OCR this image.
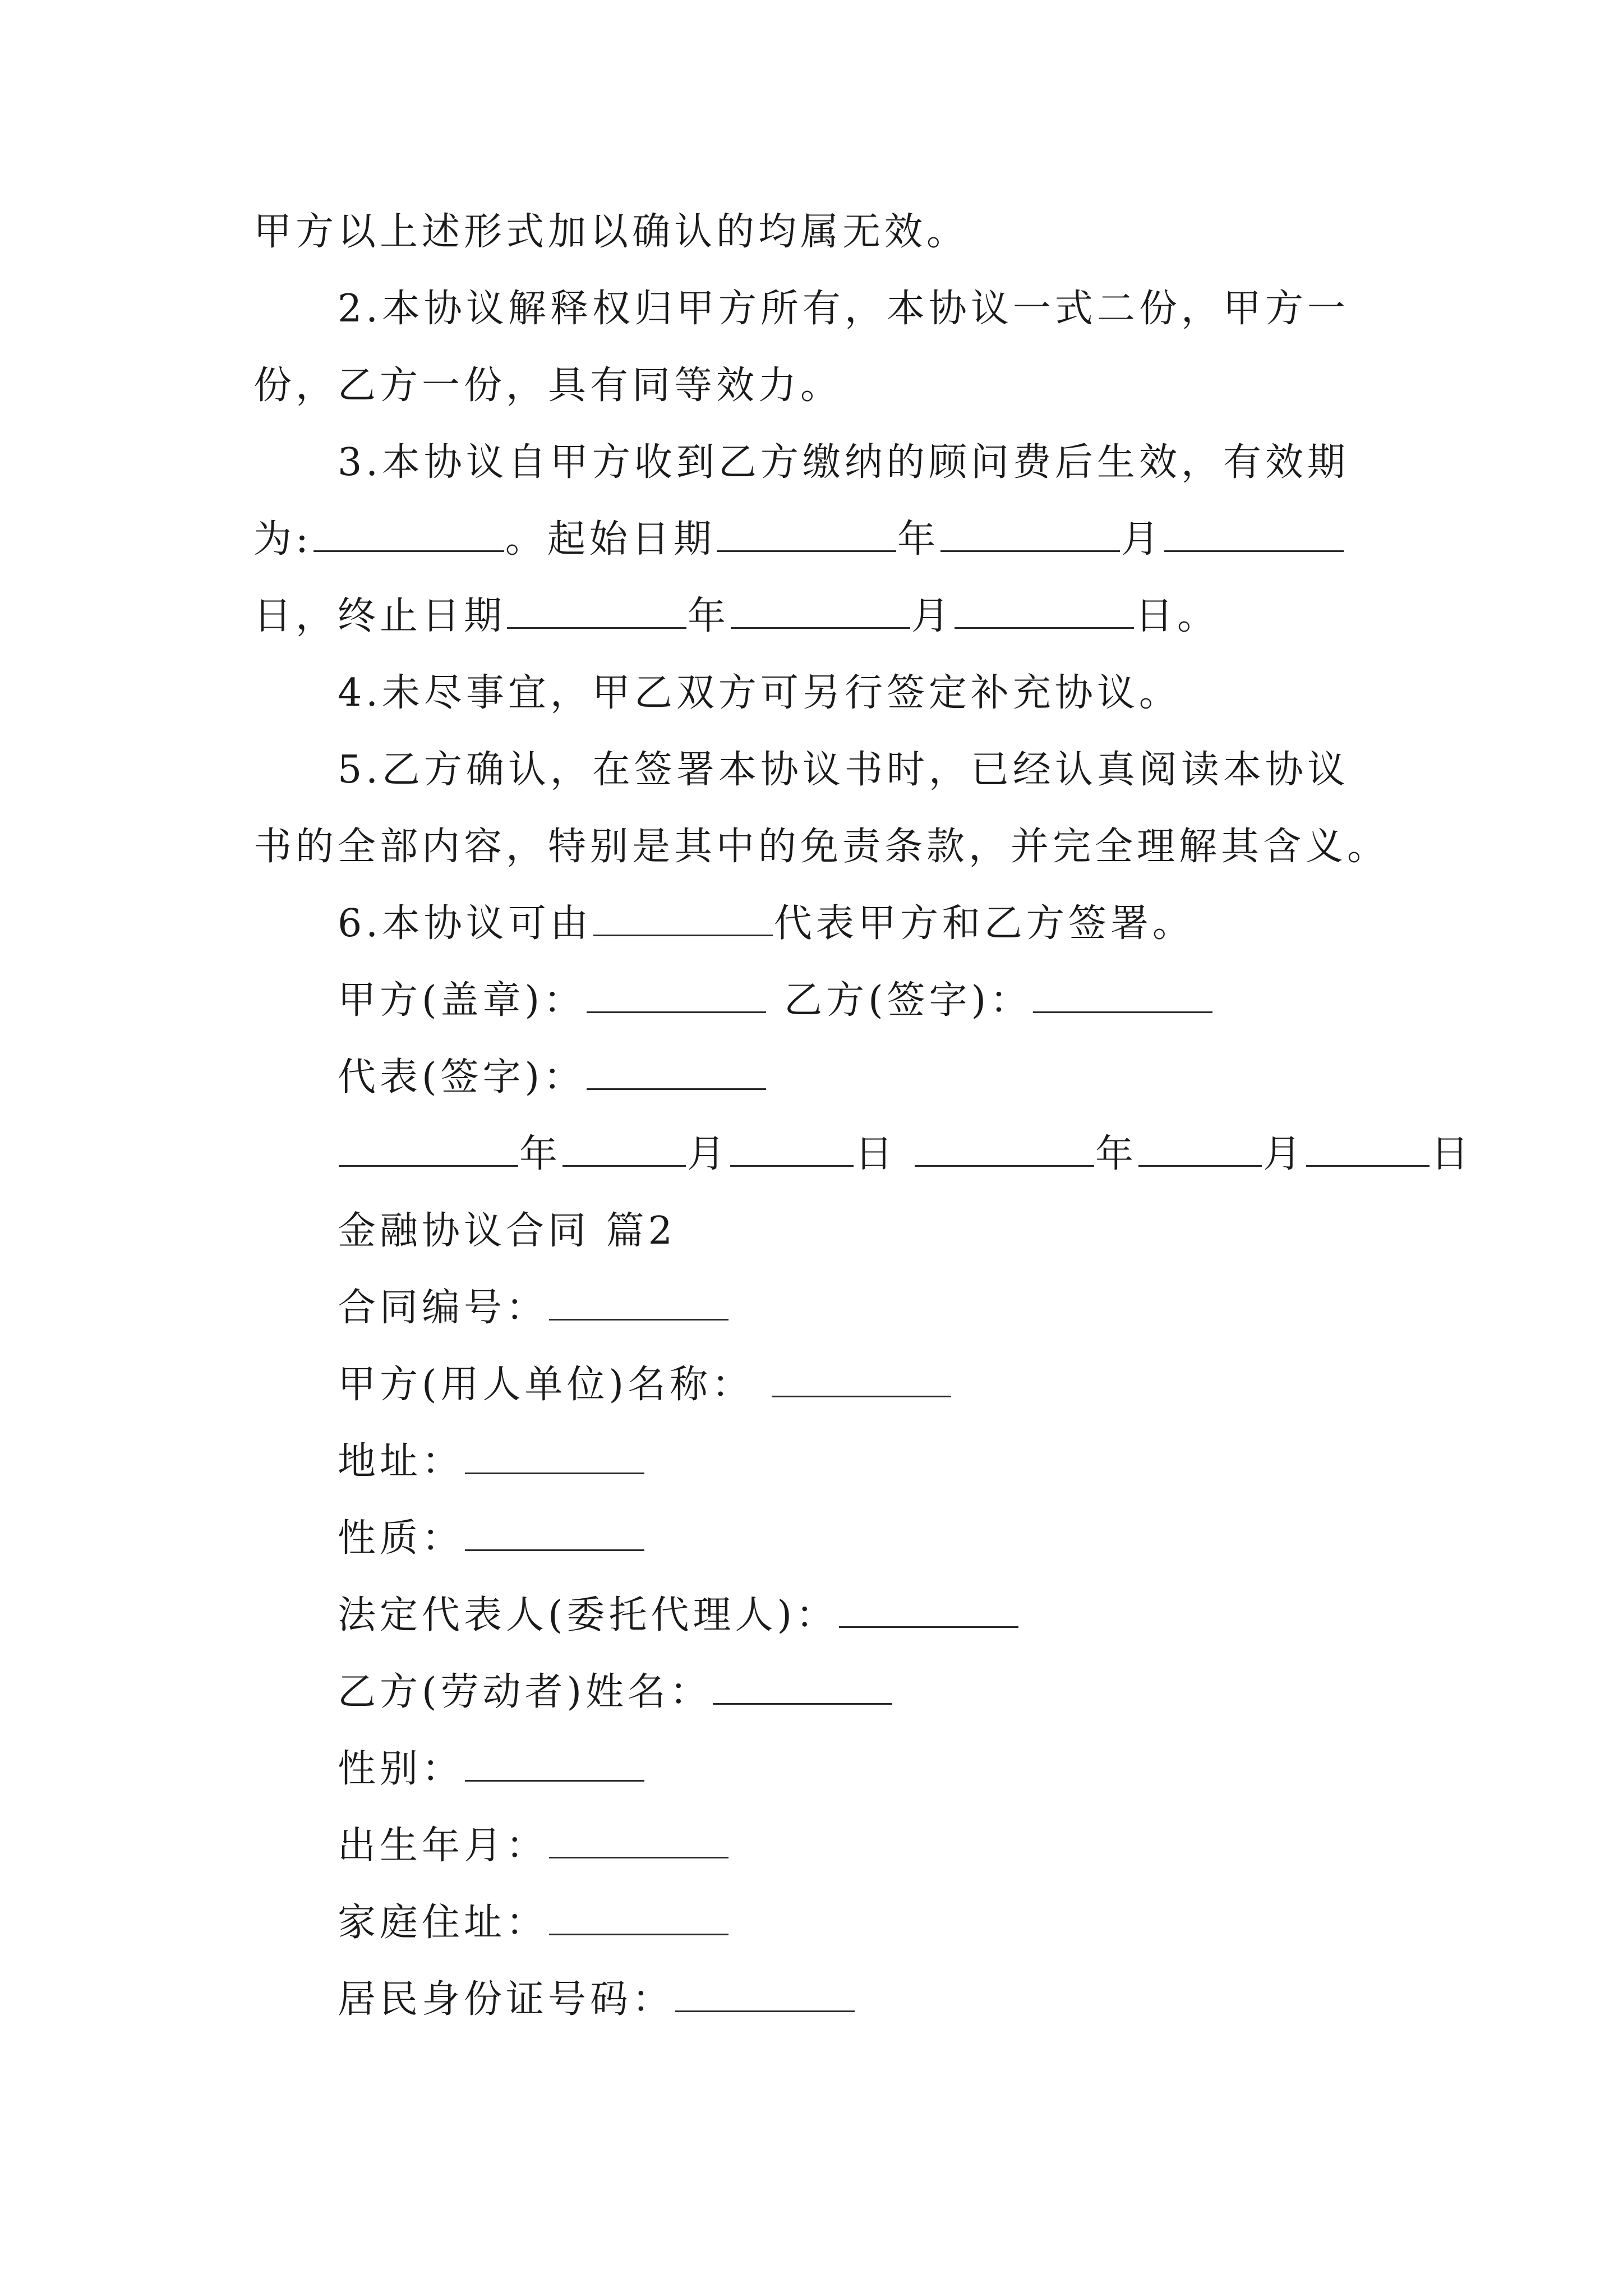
甲方以上述形式加以确认的均属无效。
2.本协议解释权归甲方所有，本协议一式二份，甲方一
份，乙方一份，具有同等效力。
3.本协议自甲方收到乙方缴纳的顾问费后生效，有效期
为:	。起始日期	年	月
日，终止日期	年	月	日。
4.未尽事宜，甲乙双方可另行签定补充协议。
5.乙方确认，在签署本协议书时，已经认真阅读本协议
书的全部内容，特别是其中的免责条款，并完全理解其含义。
6.本协议可由	代表甲方和乙方签署。
甲方(盖章)：	乙方(签字)：
代表(签字)：
年	月	日	年	月	日
金融协议合同 篇2
合同编号：
甲方(用人单位)名称：
地址：
性质：
法定代表人(委托代理人)：
乙方(劳动者)姓名：
性别：
出生年月：
家庭住址：
居民身份证号码：
